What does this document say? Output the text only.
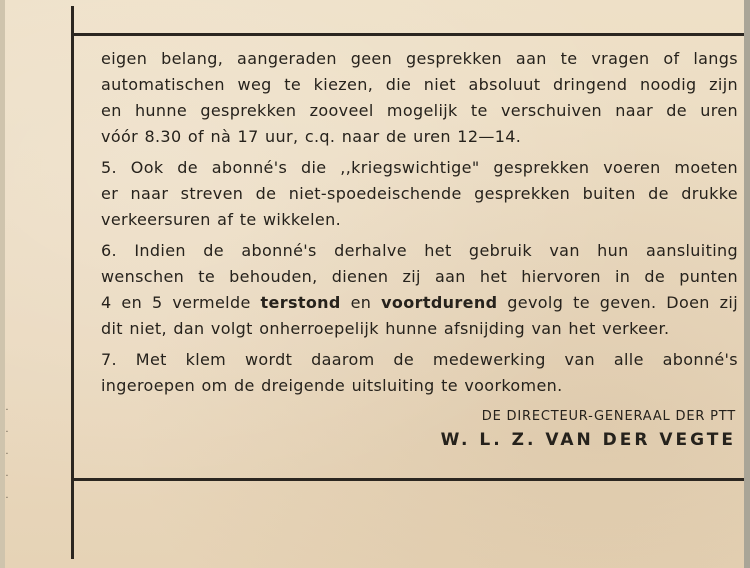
·
·
·
·
·
eigen belang, aangeraden geen gesprekken aan te vragen of langs
automatischen weg te kiezen, die niet absoluut dringend noodig zijn
en hunne gesprekken zooveel mogelijk te verschuiven naar de uren
vóór 8.30 of nà 17 uur, c.q. naar de uren 12—14.
5. Ook de abonné's die ,,kriegswichtige" gesprekken voeren moeten
er naar streven de niet-spoedeischende gesprekken buiten de drukke
verkeersuren af te wikkelen.
6. Indien de abonné's derhalve het gebruik van hun aansluiting
wenschen te behouden, dienen zij aan het hiervoren in de punten
4 en 5 vermelde terstond en voortdurend gevolg te geven. Doen zij
dit niet, dan volgt onherroepelijk hunne afsnijding van het verkeer.
7. Met klem wordt daarom de medewerking van alle abonné's
ingeroepen om de dreigende uitsluiting te voorkomen.
DE DIRECTEUR-GENERAAL DER PTT
W. L. Z. VAN DER VEGTE
